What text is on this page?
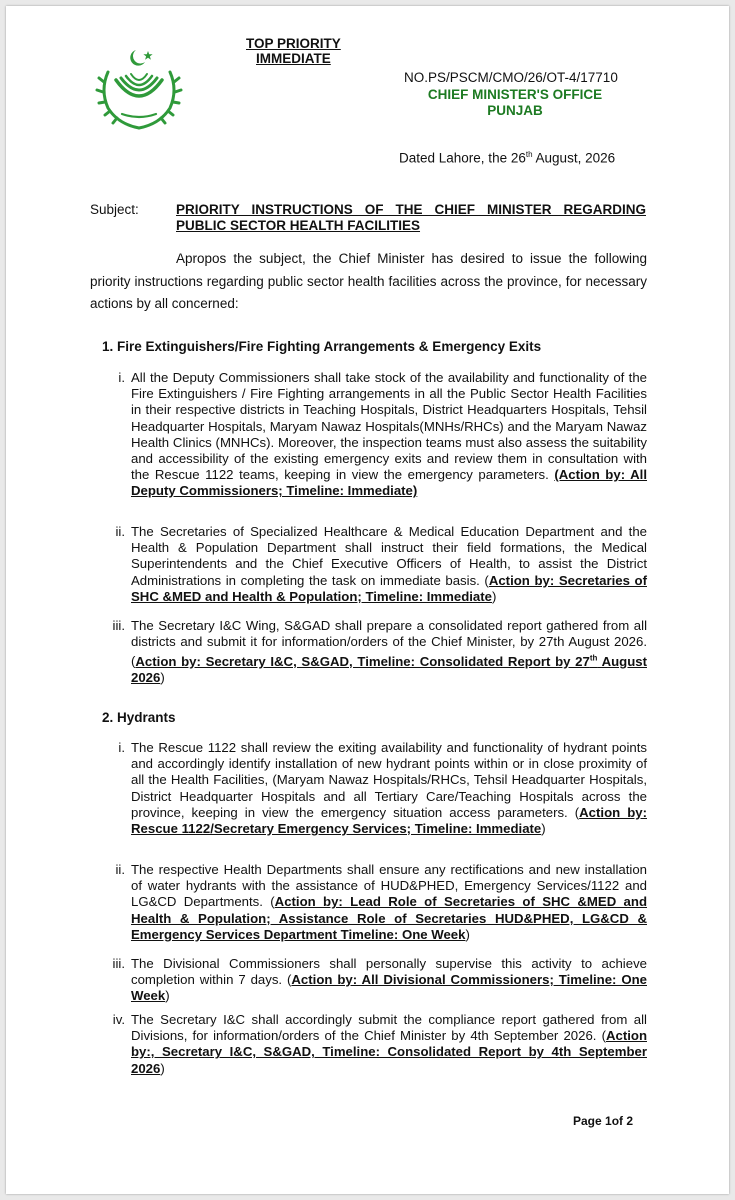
TOP PRIORITY
IMMEDIATE
NO.PS/PSCM/CMO/26/OT-4/17710
CHIEF MINISTER'S OFFICE
PUNJAB
Dated Lahore, the 26th August, 2026
Subject:	PRIORITY INSTRUCTIONS OF THE CHIEF MINISTER REGARDING PUBLIC SECTOR HEALTH FACILITIES
Apropos the subject, the Chief Minister has desired to issue the following priority instructions regarding public sector health facilities across the province, for necessary actions by all concerned:
1. Fire Extinguishers/Fire Fighting Arrangements & Emergency Exits
i. All the Deputy Commissioners shall take stock of the availability and functionality of the Fire Extinguishers / Fire Fighting arrangements in all the Public Sector Health Facilities in their respective districts in Teaching Hospitals, District Headquarters Hospitals, Tehsil Headquarter Hospitals, Maryam Nawaz Hospitals(MNHs/RHCs) and the Maryam Nawaz Health Clinics (MNHCs). Moreover, the inspection teams must also assess the suitability and accessibility of the existing emergency exits and review them in consultation with the Rescue 1122 teams, keeping in view the emergency parameters. (Action by: All Deputy Commissioners; Timeline: Immediate)
ii. The Secretaries of Specialized Healthcare & Medical Education Department and the Health & Population Department shall instruct their field formations, the Medical Superintendents and the Chief Executive Officers of Health, to assist the District Administrations in completing the task on immediate basis. (Action by: Secretaries of SHC &MED and Health & Population; Timeline: Immediate)
iii. The Secretary I&C Wing, S&GAD shall prepare a consolidated report gathered from all districts and submit it for information/orders of the Chief Minister, by 27th August 2026. (Action by: Secretary I&C, S&GAD, Timeline: Consolidated Report by 27th August 2026)
2. Hydrants
i. The Rescue 1122 shall review the exiting availability and functionality of hydrant points and accordingly identify installation of new hydrant points within or in close proximity of all the Health Facilities, (Maryam Nawaz Hospitals/RHCs, Tehsil Headquarter Hospitals, District Headquarter Hospitals and all Tertiary Care/Teaching Hospitals across the province, keeping in view the emergency situation access parameters. (Action by: Rescue 1122/Secretary Emergency Services; Timeline: Immediate)
ii. The respective Health Departments shall ensure any rectifications and new installation of water hydrants with the assistance of HUD&PHED, Emergency Services/1122 and LG&CD Departments. (Action by: Lead Role of Secretaries of SHC &MED and Health & Population; Assistance Role of Secretaries HUD&PHED, LG&CD & Emergency Services Department Timeline: One Week)
iii. The Divisional Commissioners shall personally supervise this activity to achieve completion within 7 days. (Action by: All Divisional Commissioners; Timeline: One Week)
iv. The Secretary I&C shall accordingly submit the compliance report gathered from all Divisions, for information/orders of the Chief Minister by 4th September 2026. (Action by:, Secretary I&C, S&GAD, Timeline: Consolidated Report by 4th September 2026)
Page 1of 2
